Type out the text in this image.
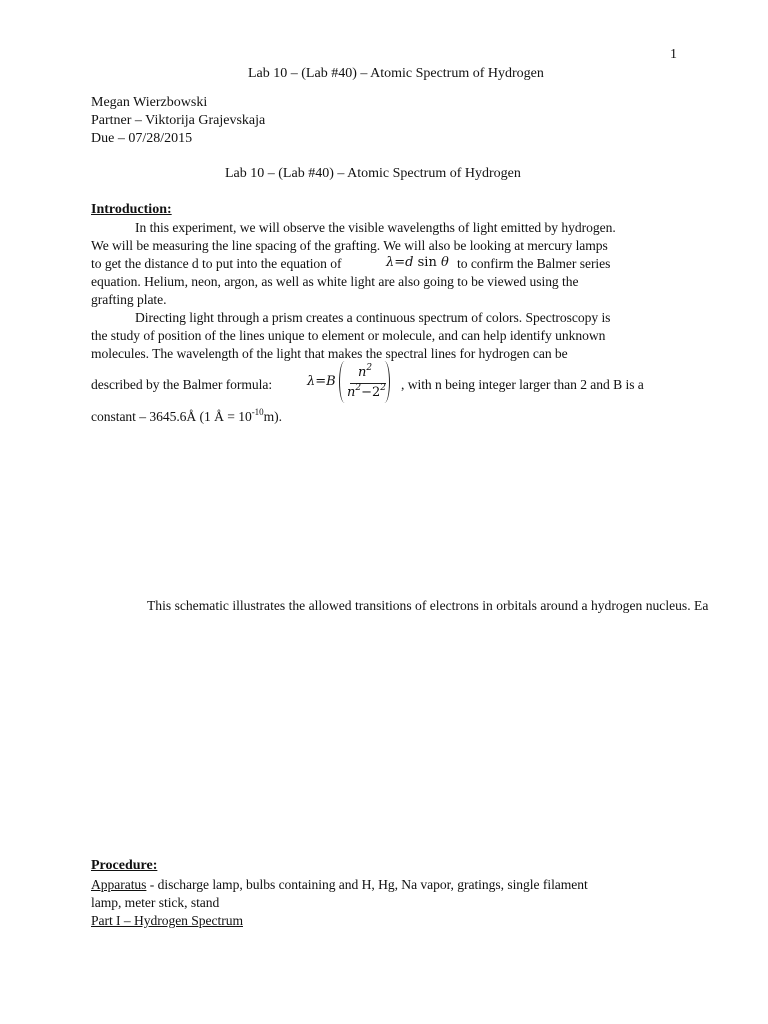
1
Lab 10 – (Lab #40) – Atomic Spectrum of Hydrogen
Megan Wierzbowski
Partner – Viktorija Grajevskaja
Due – 07/28/2015
Lab 10 – (Lab #40) – Atomic Spectrum of Hydrogen
Introduction:
In this experiment, we will observe the visible wavelengths of light emitted by hydrogen.
We will be measuring the line spacing of the grafting. We will also be looking at mercury lamps
to get the distance d to put into the equation of	λ=d sin θ to confirm the Balmer series
equation. Helium, neon, argon, as well as white light are also going to be viewed using the
grafting plate.
Directing light through a prism creates a continuous spectrum of colors. Spectroscopy is
the study of position of the lines unique to element or molecule, and can help identify unknown
molecules. The wavelength of the light that makes the spectral lines for hydrogen can be
described by the Balmer formula:	λ=B
$n^2$
$n^2-2^2$ , with n being integer larger than 2 and B is a
constant – 3645.6Å (1 Å = $10^{-10}m$).
This schematic illustrates the allowed transitions of electrons in orbitals around a hydrogen nucleus. Ea
Procedure:
Apparatus - discharge lamp, bulbs containing and H, Hg, Na vapor, gratings, single filament
lamp, meter stick, stand
Part I – Hydrogen Spectrum
